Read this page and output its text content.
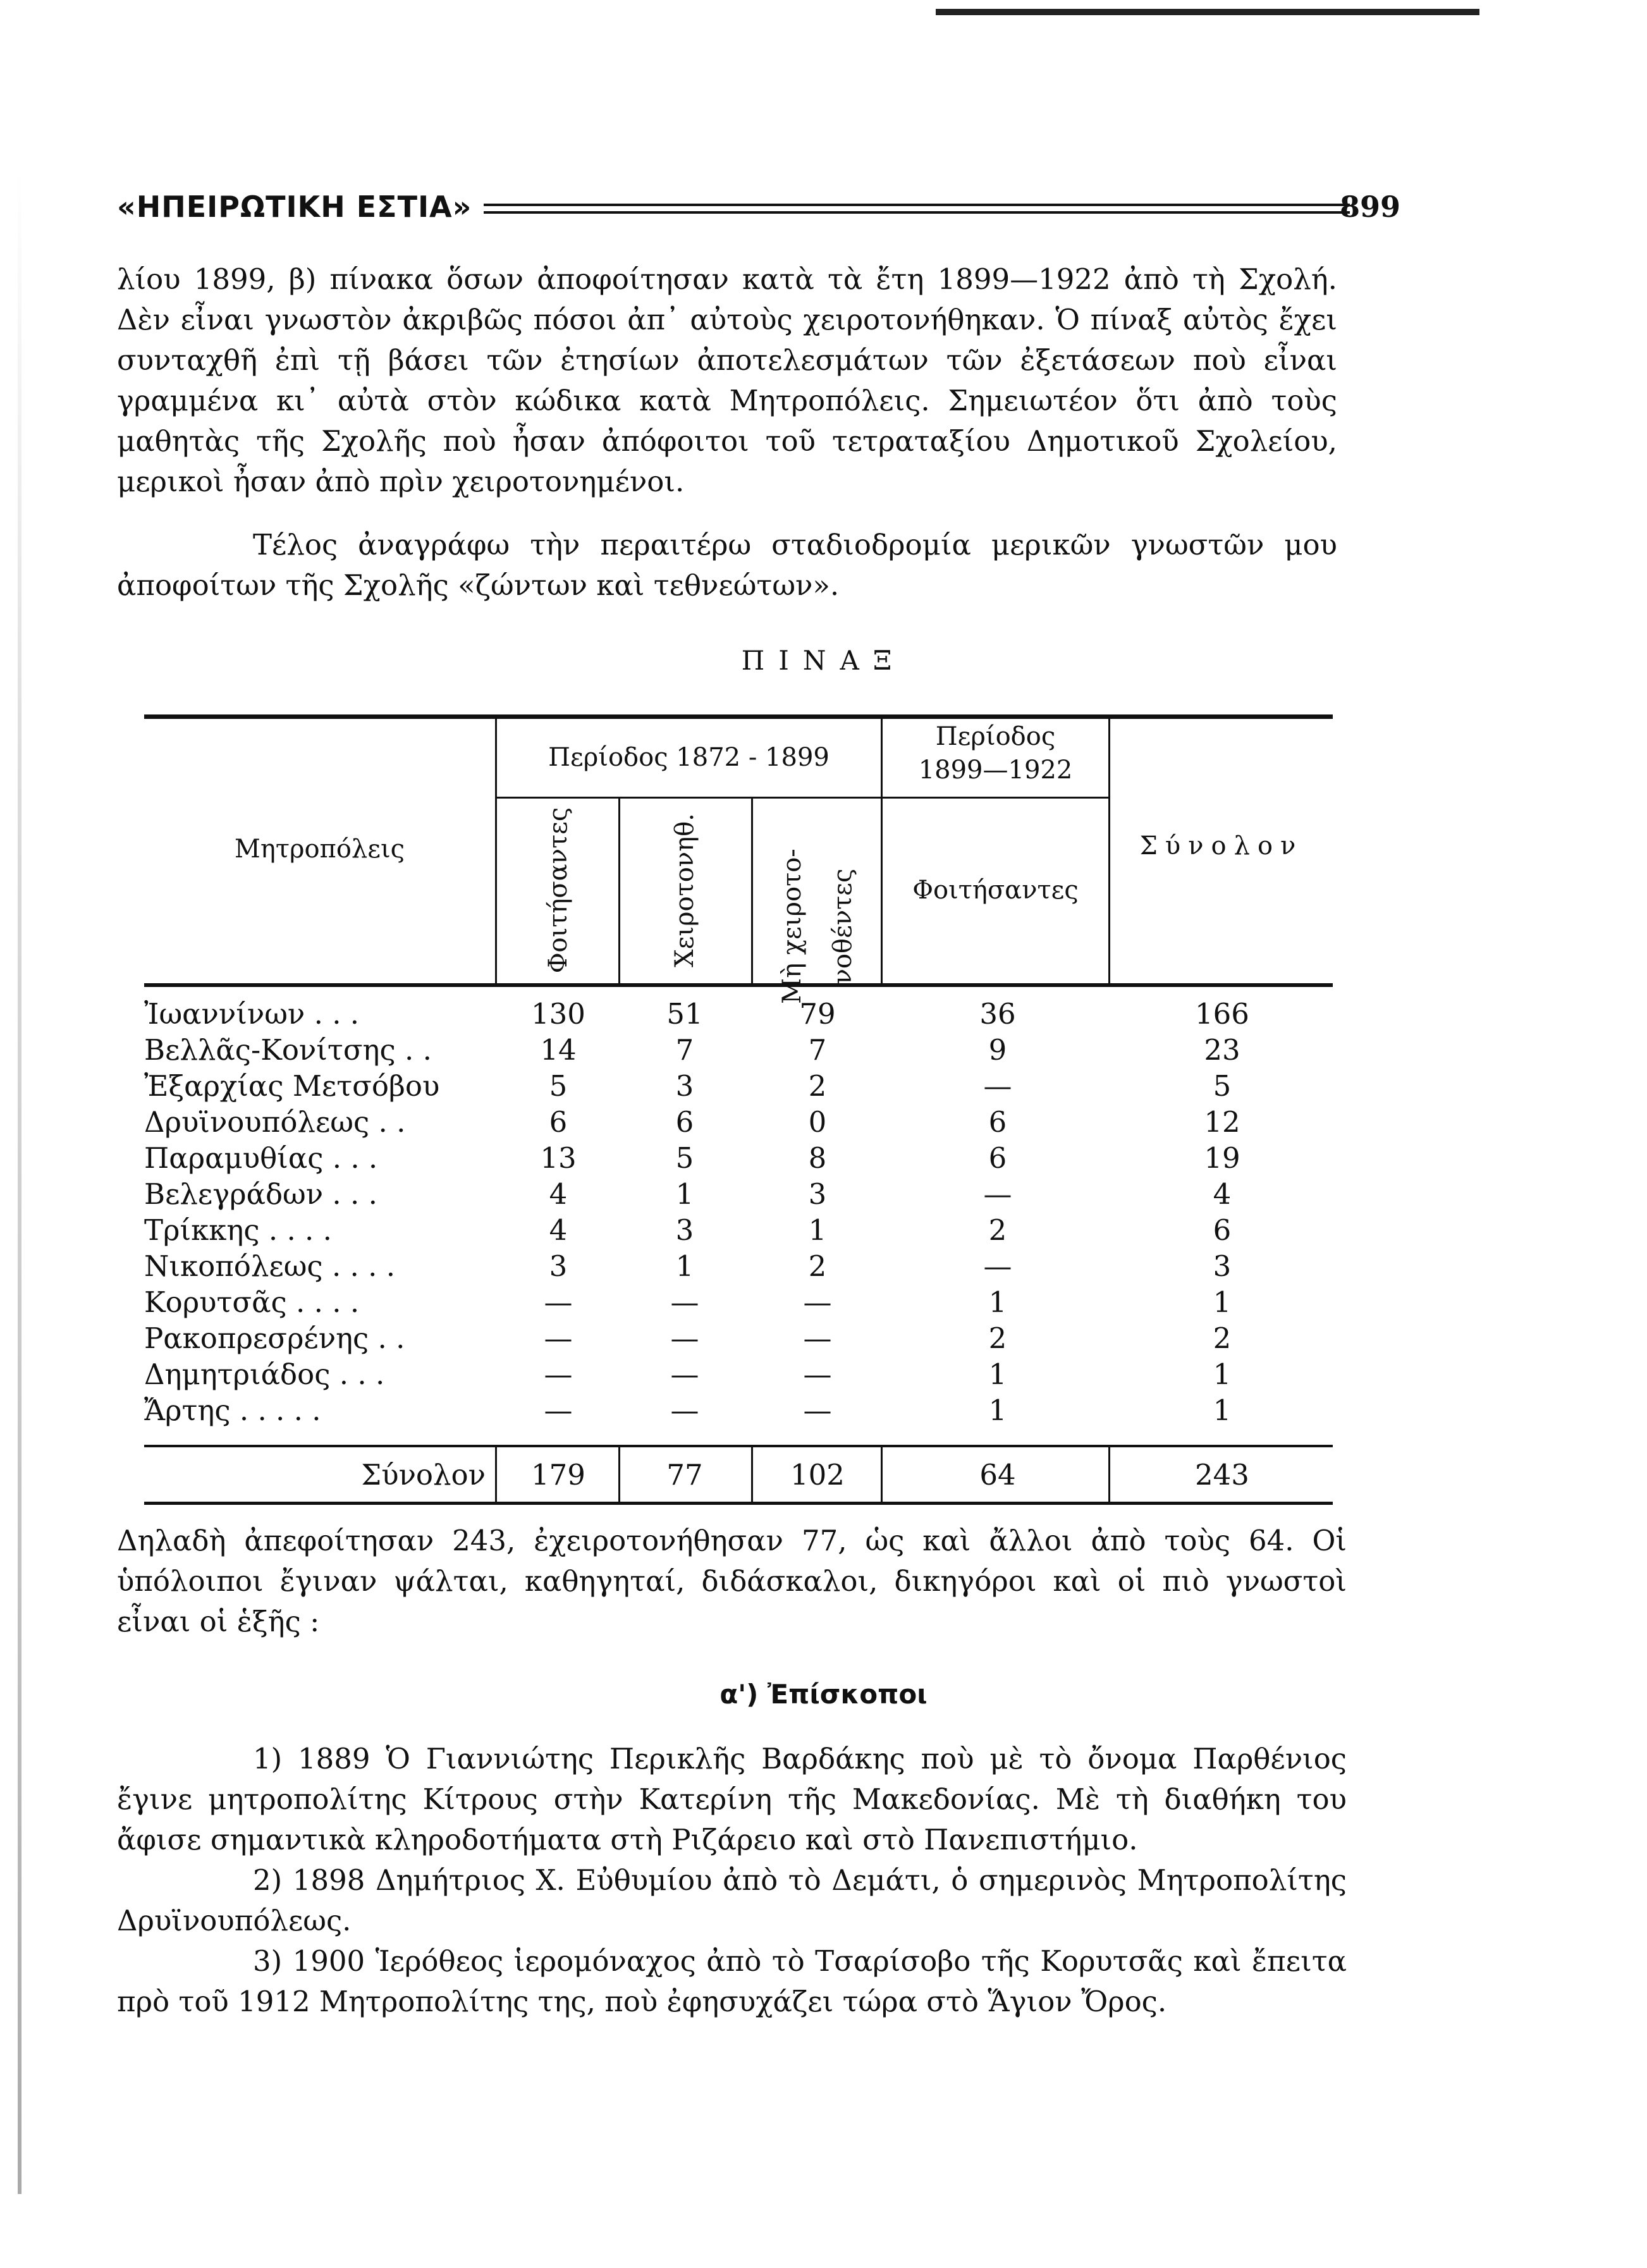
«ΗΠΕΙΡΩΤΙΚΗ ΕΣΤΙΑ»	899
λίου 1899, β) πίνακα ὅσων ἀποφοίτησαν κατὰ τὰ ἔτη 1899—1922 ἀπὸ τὴ Σχολή. Δὲν εἶναι γνωστὸν ἀκριβῶς πόσοι ἀπ᾽ αὐτοὺς χειροτονήθηκαν. Ὁ πίναξ αὐτὸς ἔχει συνταχθῆ ἐπὶ τῇ βάσει τῶν ἐτησίων ἀποτελεσμάτων τῶν ἐξετάσεων ποὺ εἶναι γραμμένα κι᾽ αὐτὰ στὸν κώδικα κατὰ Μητροπόλεις. Σημειωτέον ὅτι ἀπὸ τοὺς μαθητὰς τῆς Σχολῆς ποὺ ἦσαν ἀπόφοιτοι τοῦ τετραταξίου Δημοτικοῦ Σχολείου, μερικοὶ ἦσαν ἀπὸ πρὶν χειροτονημένοι.
Τέλος ἀναγράφω τὴν περαιτέρω σταδιοδρομία μερικῶν γνωστῶν μου ἀποφοίτων τῆς Σχολῆς «ζώντων καὶ τεθνεώτων».
ΠΙΝΑΞ
Μητροπόλεις
Περίοδος 1872 - 1899
Περίοδος
1899—1922
Σύνολον
Φοιτήσαντες	Χειροτονηθ.	Μὴ χειροτο- νοθέντες	Φοιτήσαντες
Ἰωαννίνων . . .	130	51	79	36	166
Βελλᾶς-Κονίτσης . .	14	7	7	9	23
Ἐξαρχίας Μετσόβου	5	3	2	—	5
Δρυϊνουπόλεως . .	6	6	0	6	12
Παραμυθίας . . .	13	5	8	6	19
Βελεγράδων . . .	4	1	3	—	4
Τρίκκης . . . .	4	3	1	2	6
Νικοπόλεως . . . .	3	1	2	—	3
Κορυτσᾶς . . . .	—	—	—	1	1
Ρακοπρεσρένης . .	—	—	—	2	2
Δημητριάδος . . .	—	—	—	1	1
Ἄρτης . . . . .	—	—	—	1	1
Σύνολον	179	77	102	64	243
Δηλαδὴ ἀπεφοίτησαν 243, ἐχειροτονήθησαν 77, ὡς καὶ ἄλλοι ἀπὸ τοὺς 64. Οἱ ὑπόλοιποι ἔγιναν ψάλται, καθηγηταί, διδάσκαλοι, δικηγόροι καὶ οἱ πιὸ γνωστοὶ εἶναι οἱ ἑξῆς :
α') Ἐπίσκοποι
1) 1889 Ὁ Γιαννιώτης Περικλῆς Βαρδάκης ποὺ μὲ τὸ ὄνομα Παρθένιος ἔγινε μητροπολίτης Κίτρους στὴν Κατερίνη τῆς Μακεδονίας. Μὲ τὴ διαθήκη του ἄφισε σημαντικὰ κληροδοτήματα στὴ Ριζάρειο καὶ στὸ Πανεπιστήμιο.
2) 1898 Δημήτριος Χ. Εὐθυμίου ἀπὸ τὸ Δεμάτι, ὁ σημερινὸς Μητροπολίτης Δρυϊνουπόλεως.
3) 1900 Ἱερόθεος ἱερομόναχος ἀπὸ τὸ Τσαρίσοβο τῆς Κορυτσᾶς καὶ ἔπειτα πρὸ τοῦ 1912 Μητροπολίτης της, ποὺ ἐφησυχάζει τώρα στὸ Ἅγιον Ὄρος.
